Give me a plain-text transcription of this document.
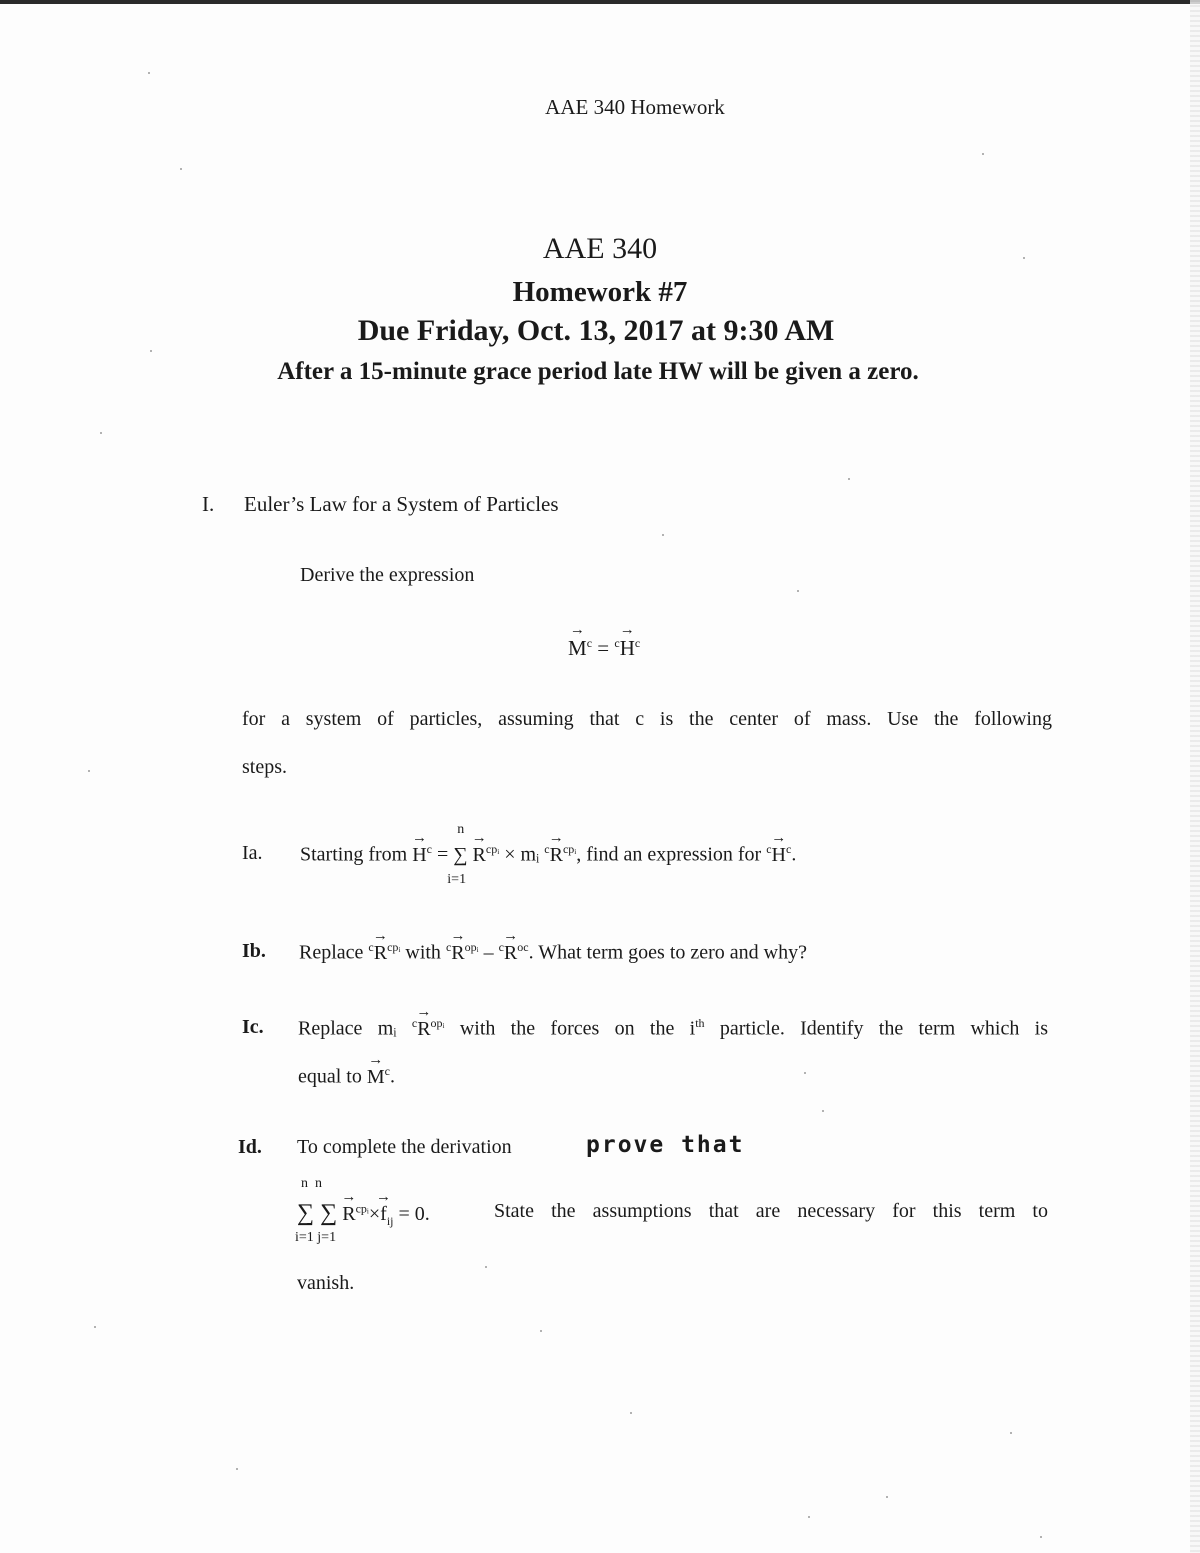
AAE 340 Homework
AAE 340
Homework #7
Due Friday, Oct. 13, 2017 at 9:30 AM
After a 15-minute grace period late HW will be given a zero.
I. Euler’s Law for a System of Particles
Derive the expression
→ $M^c = ^c\to H^c$
for a system of particles, assuming that c is the center of mass. Use the following
steps.
Ia. Starting from → $H^c$ =
n
∑
i=1
→ $R^{cpᵢ}$ × mᵢ $^c\to R^{cpᵢ}$, find an expression for $^c\to H^c$.
Ib. Replace $^c\to R^{cpᵢ}$ with $^c\to R^{opᵢ} - ^c\to R^{oc}$. What term goes to zero and why?
Ic. Replace mᵢ $^c\to R^{opᵢ}$ with the forces on the $i^{th}$ particle. Identify the term which is
equal to → $M^c$.
Id. To complete the derivation	prove that
n  n
∑ ∑
i=1 j=1
→ $R^{cpᵢ}\times\to f_{ij} = 0$.	State the assumptions that are necessary for this term to
vanish.
